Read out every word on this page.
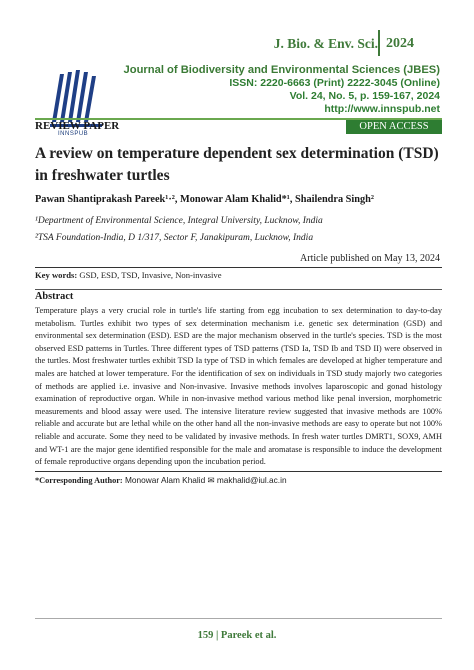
J. Bio. & Env. Sci. 2024
INNSPUB
Journal of Biodiversity and Environmental Sciences (JBES)
ISSN: 2220-6663 (Print) 2222-3045 (Online)
Vol. 24, No. 5, p. 159-167, 2024
http://www.innspub.net
REVIEW PAPER	OPEN ACCESS
A review on temperature dependent sex determination (TSD) in freshwater turtles
Pawan Shantiprakash Pareek¹·², Monowar Alam Khalid*¹, Shailendra Singh²
¹Department of Environmental Science, Integral University, Lucknow, India
²TSA Foundation-India, D 1/317, Sector F, Janakipuram, Lucknow, India
Article published on May 13, 2024
Key words: GSD, ESD, TSD, Invasive, Non-invasive
Abstract
Temperature plays a very crucial role in turtle's life starting from egg incubation to sex determination to day-to-day metabolism. Turtles exhibit two types of sex determination mechanism i.e. genetic sex determination (GSD) and environmental sex determination (ESD). ESD are the major mechanism observed in the turtle's species. TSD is the most observed ESD patterns in Turtles. Three different types of TSD patterns (TSD Ia, TSD Ib and TSD II) were observed in the turtles. Most freshwater turtles exhibit TSD Ia type of TSD in which females are developed at higher temperature and males are hatched at lower temperature. For the identification of sex on individuals in TSD study majorly two categories of methods are applied i.e. invasive and Non-invasive. Invasive methods involves laparoscopic and gonad histology examination of reproductive organ. While in non-invasive method various method like penal inversion, morphometric measurements and blood assay were used. The intensive literature review suggested that invasive methods are 100% reliable and accurate but are lethal while on the other hand all the non-invasive methods are easy to operate but not 100% reliable and accurate. Some they need to be validated by invasive methods. In fresh water turtles DMRT1, SOX9, AMH and WT-1 are the major gene identified responsible for the male and aromatase is responsible to induce the development of female reproductive organs depending upon the incubation period.
*Corresponding Author: Monowar Alam Khalid ✉ makhalid@iul.ac.in
159 | Pareek et al.
